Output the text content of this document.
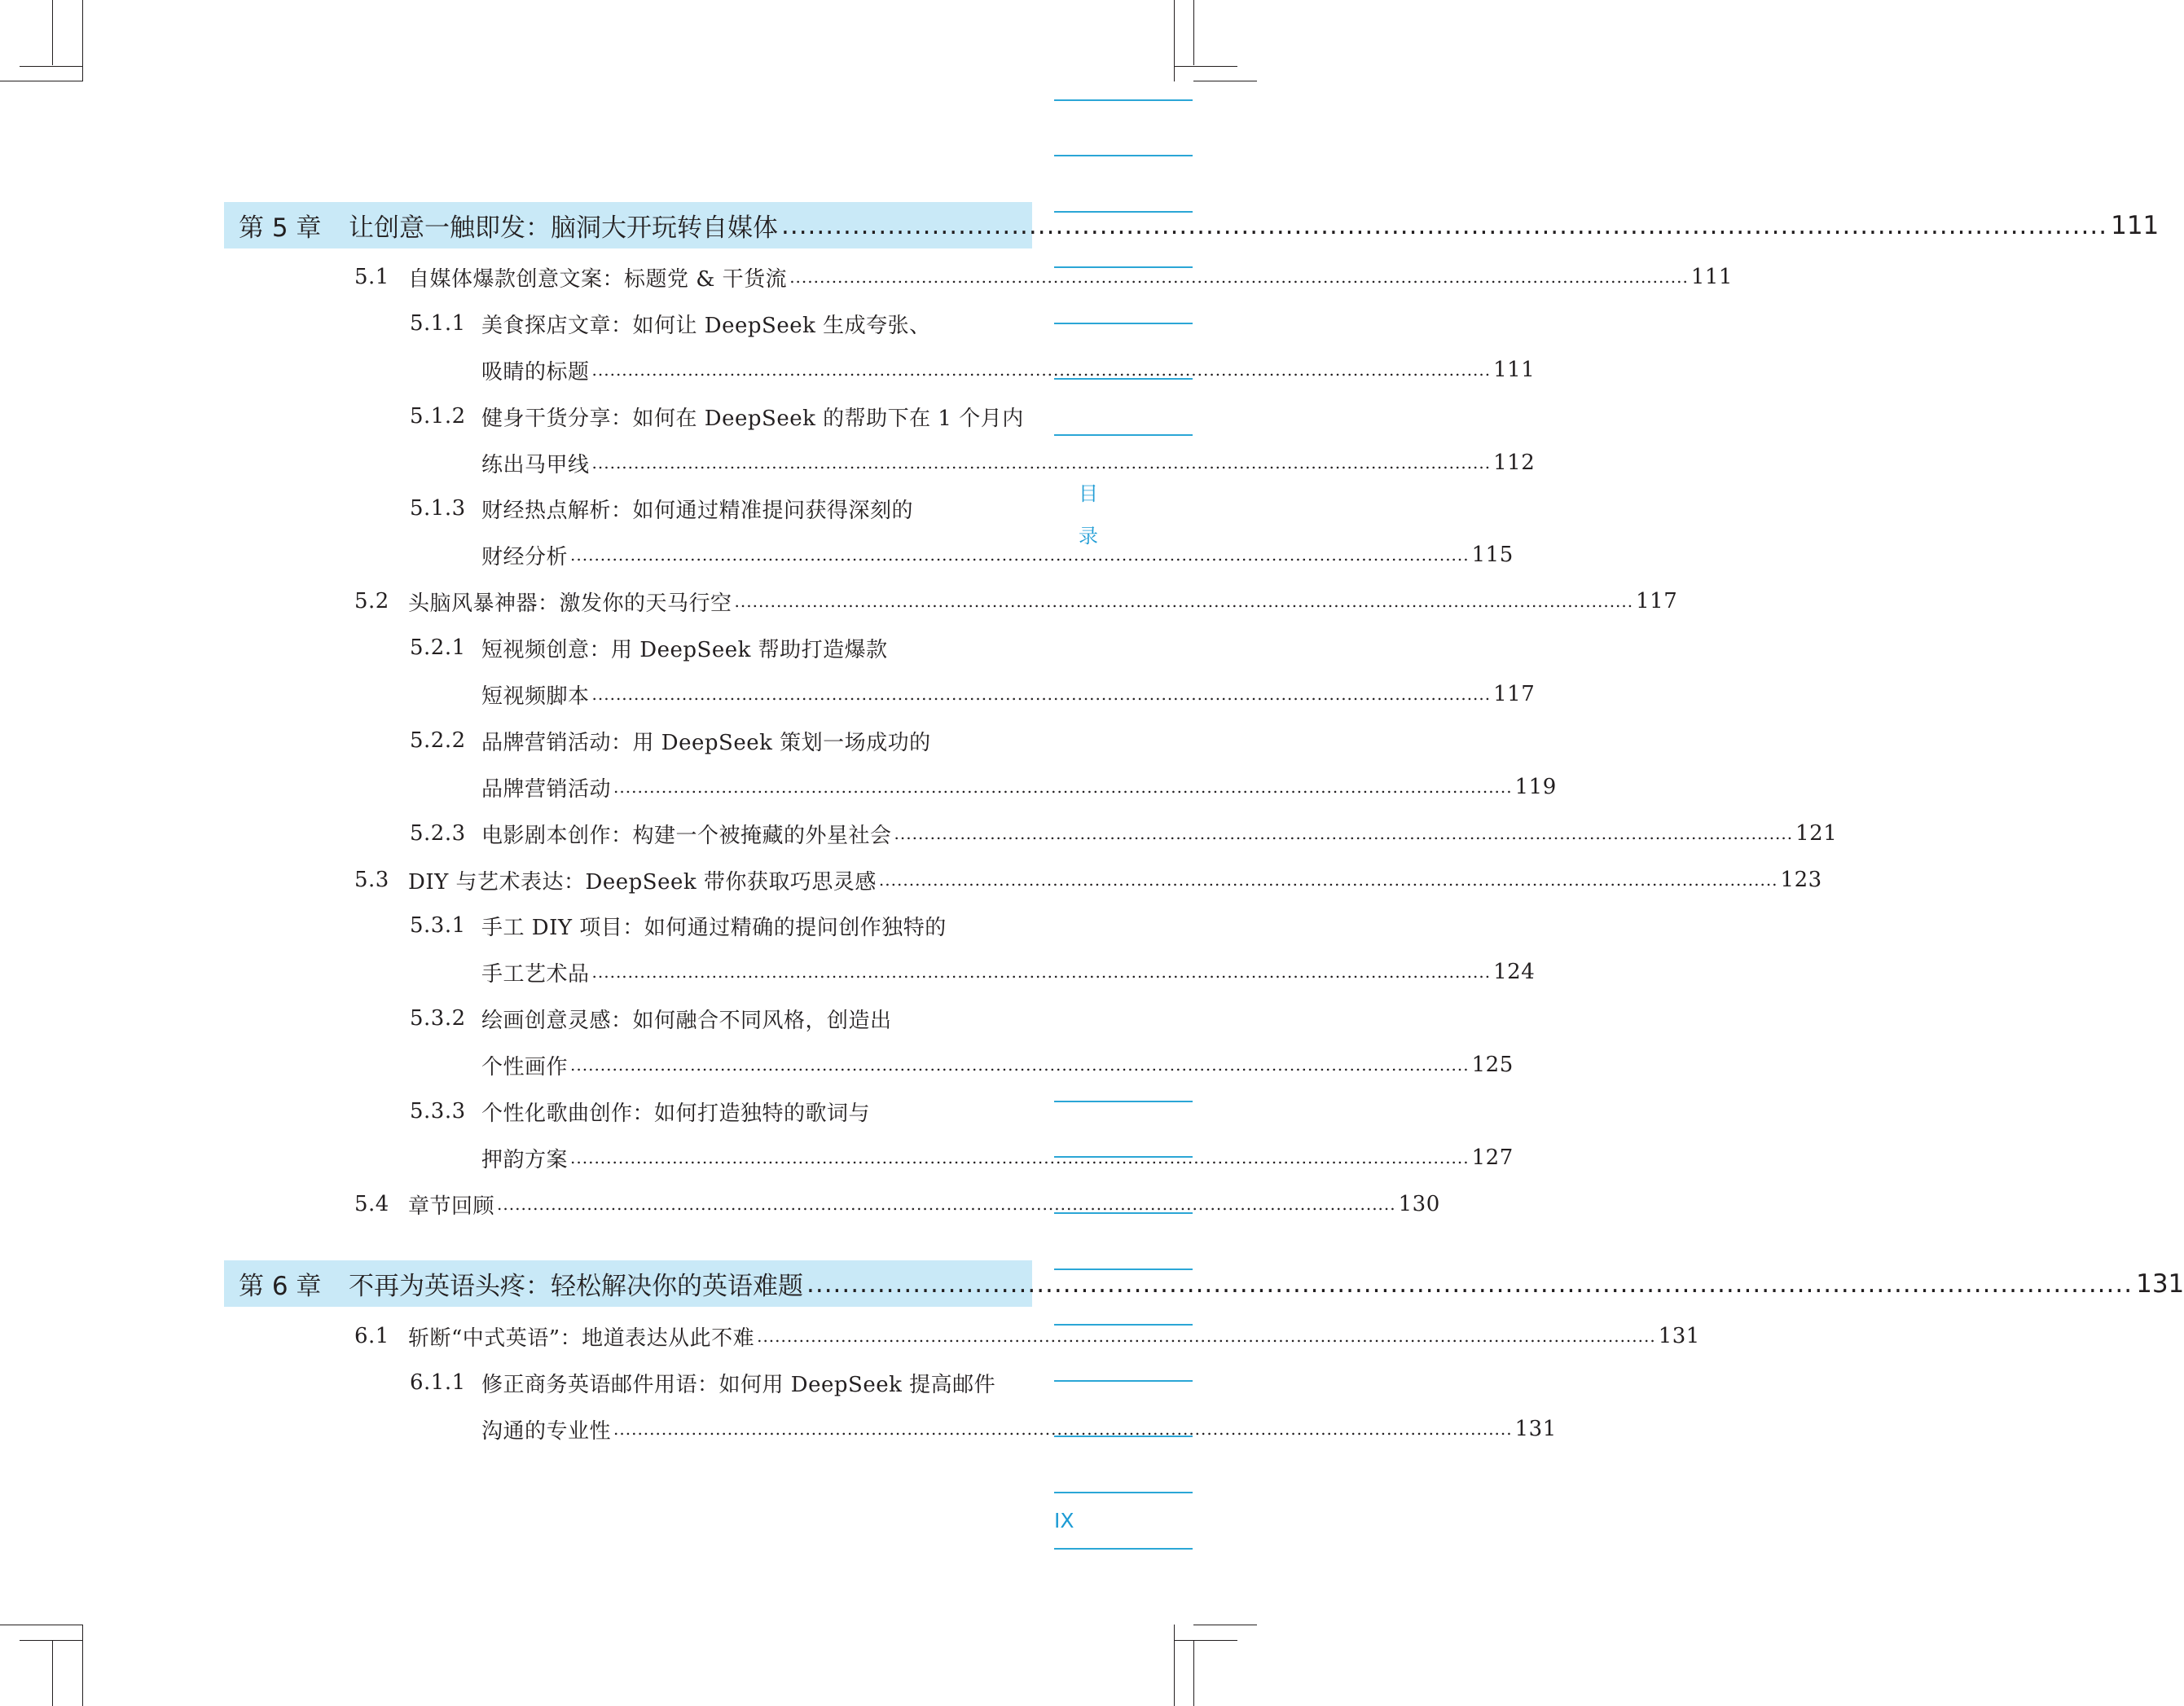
目
录
IX
第 5 章	让创意一触即发：脑洞大开玩转自媒体 ...................................................................................................................................................... 111
5.1 自媒体爆款创意文案：标题党 & 干货流 ...................................................................................................................................................... 111
5.1.1 美食探店文章：如何让 DeepSeek 生成夸张、
吸睛的标题 ...................................................................................................................................................... 111
5.1.2 健身干货分享：如何在 DeepSeek 的帮助下在 1 个月内
练出马甲线 ...................................................................................................................................................... 112
5.1.3 财经热点解析：如何通过精准提问获得深刻的
财经分析 ...................................................................................................................................................... 115
5.2 头脑风暴神器：激发你的天马行空 ...................................................................................................................................................... 117
5.2.1 短视频创意：用 DeepSeek 帮助打造爆款
短视频脚本 ...................................................................................................................................................... 117
5.2.2 品牌营销活动：用 DeepSeek 策划一场成功的
品牌营销活动 ...................................................................................................................................................... 119
5.2.3 电影剧本创作：构建一个被掩藏的外星社会 ...................................................................................................................................................... 121
5.3 DIY 与艺术表达：DeepSeek 带你获取巧思灵感 ...................................................................................................................................................... 123
5.3.1 手工 DIY 项目：如何通过精确的提问创作独特的
手工艺术品 ...................................................................................................................................................... 124
5.3.2 绘画创意灵感：如何融合不同风格，创造出
个性画作 ...................................................................................................................................................... 125
5.3.3 个性化歌曲创作：如何打造独特的歌词与
押韵方案 ...................................................................................................................................................... 127
5.4 章节回顾 ...................................................................................................................................................... 130
第 6 章	不再为英语头疼：轻松解决你的英语难题 ...................................................................................................................................................... 131
6.1 斩断“中式英语”：地道表达从此不难 ...................................................................................................................................................... 131
6.1.1 修正商务英语邮件用语：如何用 DeepSeek 提高邮件
沟通的专业性 ...................................................................................................................................................... 131
